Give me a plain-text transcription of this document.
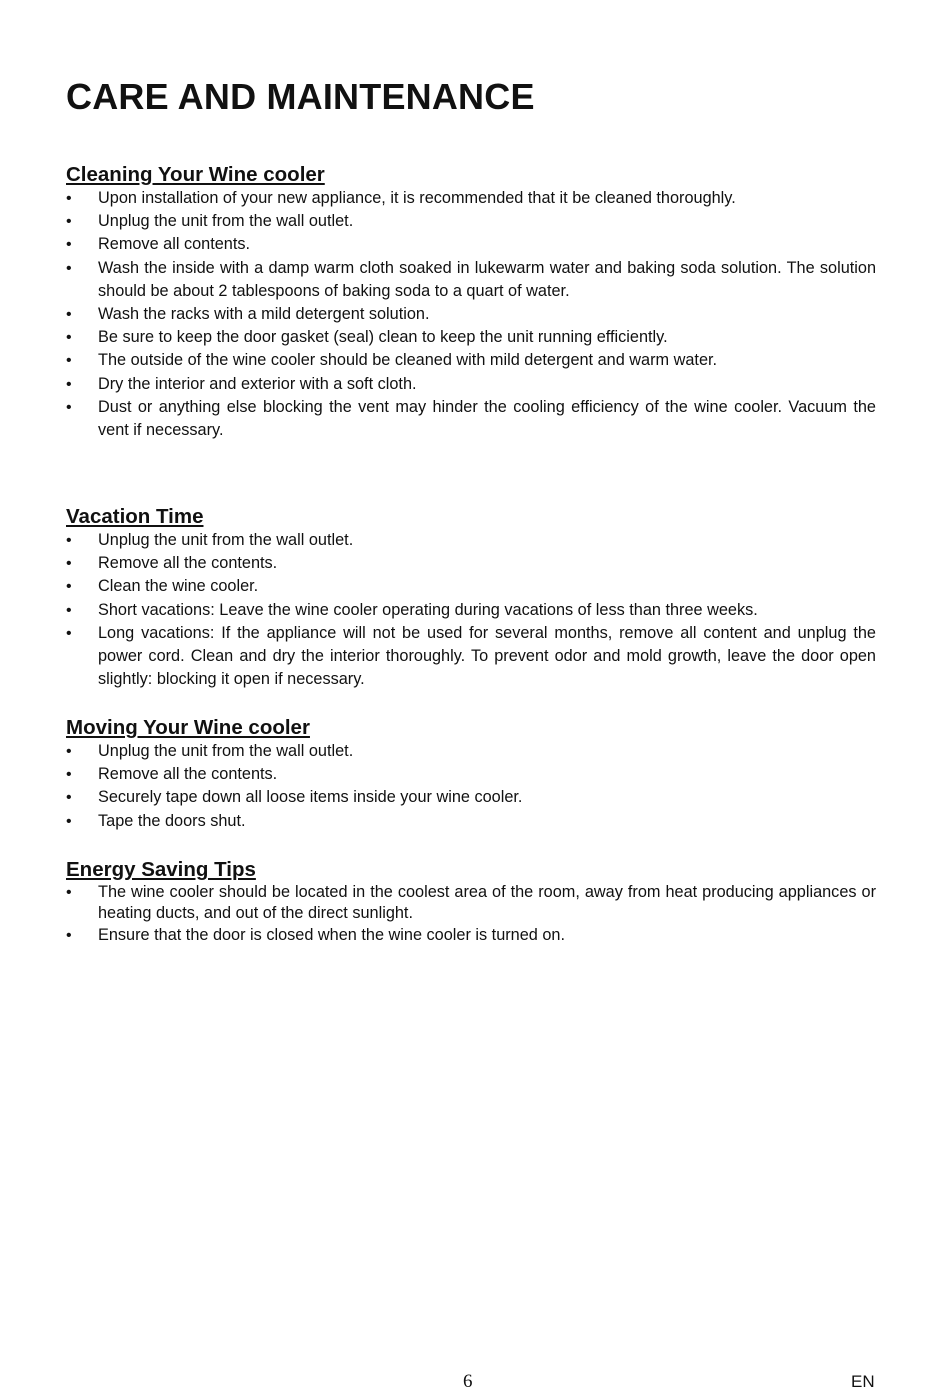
CARE AND MAINTENANCE
Cleaning Your Wine cooler
•	Upon installation of your new appliance, it is recommended that it be cleaned thoroughly.
•	Unplug the unit from the wall outlet.
•	Remove all contents.
•	Wash the inside with a damp warm cloth soaked in lukewarm water and baking soda solution. The solution should be about 2 tablespoons of baking soda to a quart of water.
•	Wash the racks with a mild detergent solution.
•	Be sure to keep the door gasket (seal) clean to keep the unit running efficiently.
•	The outside of the wine cooler should be cleaned with mild detergent and warm water.
•	Dry the interior and exterior with a soft cloth.
•	Dust or anything else blocking the vent may hinder the cooling efficiency of the wine cooler. Vacuum the vent if necessary.
Vacation Time
•	Unplug the unit from the wall outlet.
•	Remove all the contents.
•	Clean the wine cooler.
•	Short vacations: Leave the wine cooler operating during vacations of less than three weeks.
•	Long vacations: If the appliance will not be used for several months, remove all content and unplug the power cord. Clean and dry the interior thoroughly. To prevent odor and mold growth, leave the door open slightly: blocking it open if necessary.
Moving Your Wine cooler
•	Unplug the unit from the wall outlet.
•	Remove all the contents.
•	Securely tape down all loose items inside your wine cooler.
•	Tape the doors shut.
Energy Saving Tips
•	The wine cooler should be located in the coolest area of the room, away from heat producing appliances or heating ducts, and out of the direct sunlight.
•	Ensure that the door is closed when the wine cooler is turned on.
6	EN
